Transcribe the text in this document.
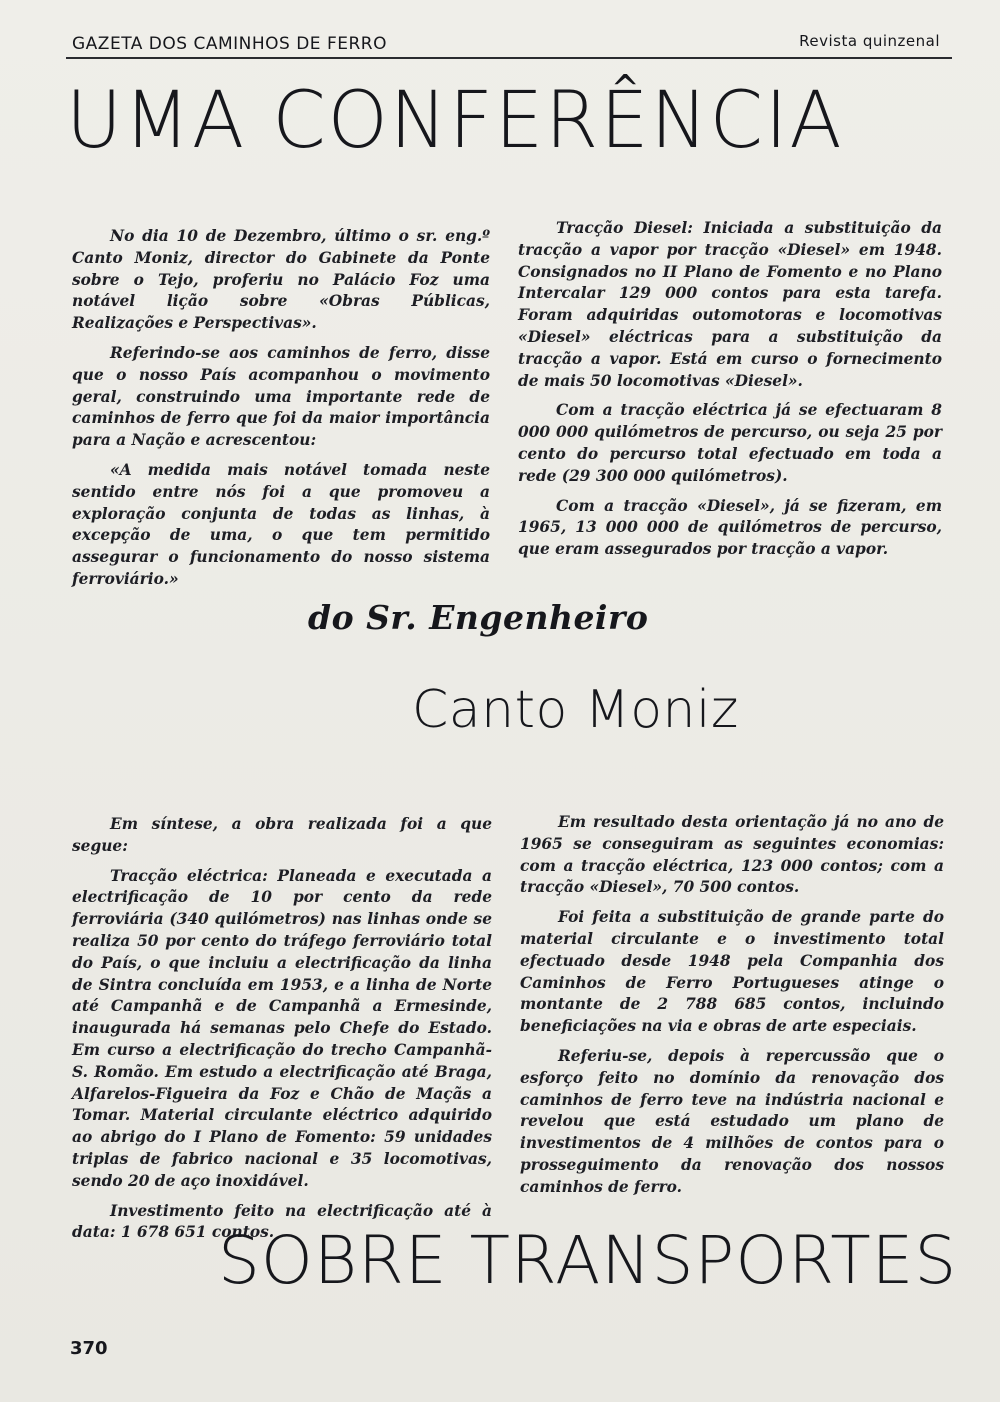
GAZETA DOS CAMINHOS DE FERRO	Revista quinzenal
UMA CONFERÊNCIA

No dia 10 de Dezembro, último o sr. eng.º Canto Moniz, director do Gabinete da Ponte sobre o Tejo, proferiu no Palácio Foz uma notável lição sobre «Obras Públicas, Realizações e Perspectivas».

Referindo-se aos caminhos de ferro, disse que o nosso País acompanhou o movimento geral, construindo uma importante rede de caminhos de ferro que foi da maior importância para a Nação e acrescentou:

«A medida mais notável tomada neste sentido entre nós foi a que promoveu a exploração conjunta de todas as linhas, à excepção de uma, o que tem permitido assegurar o funcionamento do nosso sistema ferroviário.»

Tracção Diesel: Iniciada a substituição da tracção a vapor por tracção «Diesel» em 1948. Consignados no II Plano de Fomento e no Plano Intercalar 129 000 contos para esta tarefa. Foram adquiridas outomotoras e locomotivas «Diesel» eléctricas para a substituição da tracção a vapor. Está em curso o fornecimento de mais 50 locomotivas «Diesel».

Com a tracção eléctrica já se efectuaram 8 000 000 quilómetros de percurso, ou seja 25 por cento do percurso total efectuado em toda a rede (29 300 000 quilómetros).

Com a tracção «Diesel», já se fizeram, em 1965, 13 000 000 de quilómetros de percurso, que eram assegurados por tracção a vapor.

do Sr. Engenheiro
Canto Moniz

Em síntese, a obra realizada foi a que segue:

Tracção eléctrica: Planeada e executada a electrificação de 10 por cento da rede ferroviária (340 quilómetros) nas linhas onde se realiza 50 por cento do tráfego ferroviário total do País, o que incluiu a electrificação da linha de Sintra concluída em 1953, e a linha de Norte até Campanhã e de Campanhã a Ermesinde, inaugurada há semanas pelo Chefe do Estado. Em curso a electrificação do trecho Campanhã-S. Romão. Em estudo a electrificação até Braga, Alfarelos-Figueira da Foz e Chão de Maçãs a Tomar. Material circulante eléctrico adquirido ao abrigo do I Plano de Fomento: 59 unidades triplas de fabrico nacional e 35 locomotivas, sendo 20 de aço inoxidável.

Investimento feito na electrificação até à data: 1 678 651 contos.

Em resultado desta orientação já no ano de 1965 se conseguiram as seguintes economias: com a tracção eléctrica, 123 000 contos; com a tracção «Diesel», 70 500 contos.

Foi feita a substituição de grande parte do material circulante e o investimento total efectuado desde 1948 pela Companhia dos Caminhos de Ferro Portugueses atinge o montante de 2 788 685 contos, incluindo beneficiações na via e obras de arte especiais.

Referiu-se, depois à repercussão que o esforço feito no domínio da renovação dos caminhos de ferro teve na indústria nacional e revelou que está estudado um plano de investimentos de 4 milhões de contos para o prosseguimento da renovação dos nossos caminhos de ferro.

SOBRE TRANSPORTES
370
